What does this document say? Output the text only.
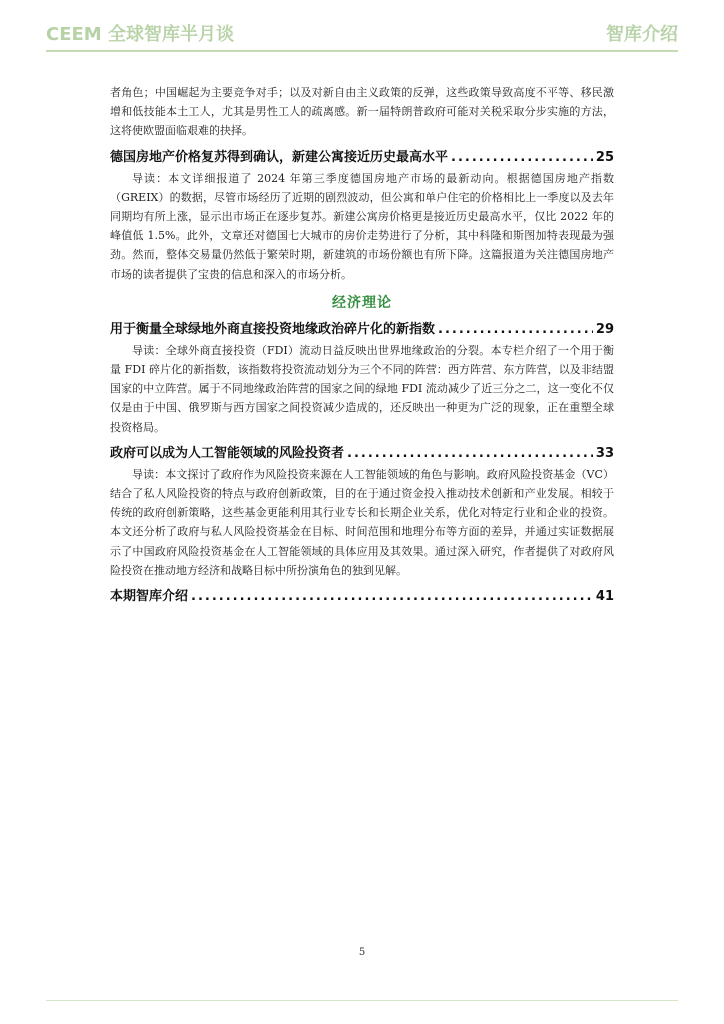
CEEM 全球智库半月谈	智库介绍

者角色；中国崛起为主要竞争对手；以及对新自由主义政策的反弹，这些政策导致高度不平等、移民激增和低技能本土工人，尤其是男性工人的疏离感。新一届特朗普政府可能对关税采取分步实施的方法，这将使欧盟面临艰难的抉择。

德国房地产价格复苏得到确认，新建公寓接近历史最高水平 .....	25

导读：本文详细报道了 2024 年第三季度德国房地产市场的最新动向。根据德国房地产指数（GREIX）的数据，尽管市场经历了近期的剧烈波动，但公寓和单户住宅的价格相比上一季度以及去年同期均有所上涨，显示出市场正在逐步复苏。新建公寓房价格更是接近历史最高水平，仅比 2022 年的峰值低 1.5%。此外，文章还对德国七大城市的房价走势进行了分析，其中科隆和斯图加特表现最为强劲。然而，整体交易量仍然低于繁荣时期，新建筑的市场份额也有所下降。这篇报道为关注德国房地产市场的读者提供了宝贵的信息和深入的市场分析。

经济理论
用于衡量全球绿地外商直接投资地缘政治碎片化的新指数 .....	29

导读：全球外商直接投资（FDI）流动日益反映出世界地缘政治的分裂。本专栏介绍了一个用于衡量 FDI 碎片化的新指数，该指数将投资流动划分为三个不同的阵营：西方阵营、东方阵营，以及非结盟国家的中立阵营。属于不同地缘政治阵营的国家之间的绿地 FDI 流动减少了近三分之二，这一变化不仅仅是由于中国、俄罗斯与西方国家之间投资减少造成的，还反映出一种更为广泛的现象，正在重塑全球投资格局。

政府可以成为人工智能领域的风险投资者 .....	33

导读：本文探讨了政府作为风险投资来源在人工智能领域的角色与影响。政府风险投资基金（VC）结合了私人风险投资的特点与政府创新政策，目的在于通过资金投入推动技术创新和产业发展。相较于传统的政府创新策略，这些基金更能利用其行业专长和长期企业关系，优化对特定行业和企业的投资。本文还分析了政府与私人风险投资基金在目标、时间范围和地理分布等方面的差异，并通过实证数据展示了中国政府风险投资基金在人工智能领域的具体应用及其效果。通过深入研究，作者提供了对政府风险投资在推动地方经济和战略目标中所扮演角色的独到见解。

本期智库介绍 .....	41
5
